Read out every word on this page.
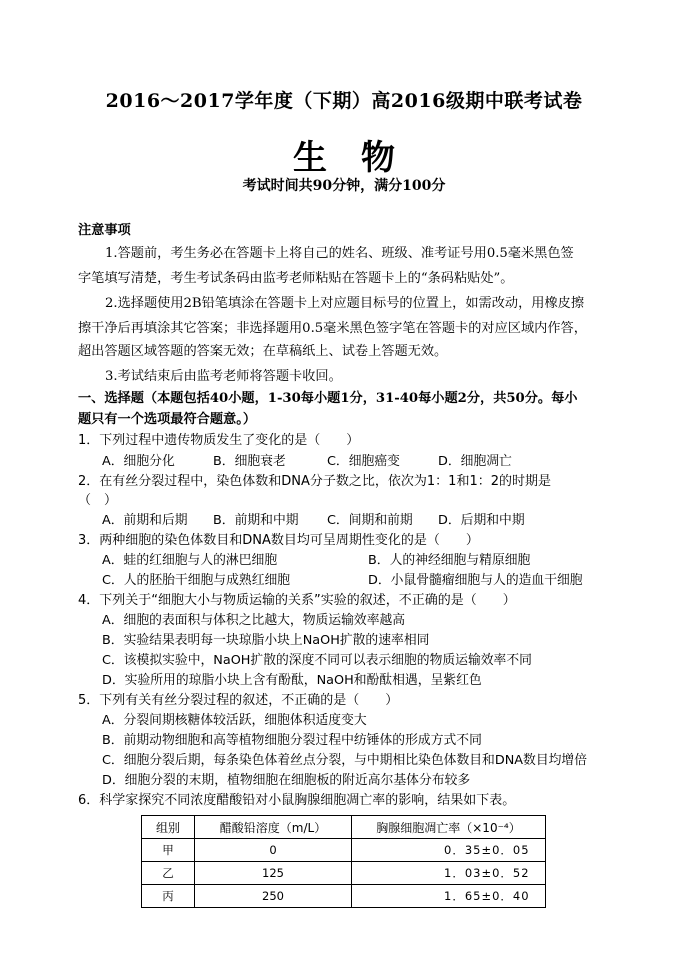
2016～2017学年度（下期）高2016级期中联考试卷
生物
考试时间共90分钟，满分100分
注意事项
1.答题前，考生务必在答题卡上将自己的姓名、班级、准考证号用0.5毫米黑色签
字笔填写清楚，考生考试条码由监考老师粘贴在答题卡上的“条码粘贴处”。
2.选择题使用2B铅笔填涂在答题卡上对应题目标号的位置上，如需改动，用橡皮擦
擦干净后再填涂其它答案；非选择题用0.5毫米黑色签字笔在答题卡的对应区域内作答，
超出答题区域答题的答案无效；在草稿纸上、试卷上答题无效。
3.考试结束后由监考老师将答题卡收回。
一、选择题（本题包括40小题，1-30每小题1分，31-40每小题2分，共50分。每小
题只有一个选项最符合题意。）
1．下列过程中遗传物质发生了变化的是（　　）
A．细胞分化	B．细胞衰老	C．细胞癌变	D．细胞凋亡
2．在有丝分裂过程中，染色体数和DNA分子数之比，依次为1：1和1：2的时期是
（　）
A．前期和后期 B．前期和中期 C．间期和前期 D．后期和中期
3．两种细胞的染色体数目和DNA数目均可呈周期性变化的是（　　）
A．蛙的红细胞与人的淋巴细胞	B．人的神经细胞与精原细胞
C．人的胚胎干细胞与成熟红细胞	D．小鼠骨髓瘤细胞与人的造血干细胞
4．下列关于“细胞大小与物质运输的关系”实验的叙述，不正确的是（　　）
A．细胞的表面积与体积之比越大，物质运输效率越高
B．实验结果表明每一块琼脂小块上NaOH扩散的速率相同
C．该模拟实验中，NaOH扩散的深度不同可以表示细胞的物质运输效率不同
D．实验所用的琼脂小块上含有酚酞，NaOH和酚酞相遇，呈紫红色
5．下列有关有丝分裂过程的叙述，不正确的是（　　）
A．分裂间期核糖体较活跃，细胞体积适度变大
B．前期动物细胞和高等植物细胞分裂过程中纺锤体的形成方式不同
C．细胞分裂后期，每条染色体着丝点分裂，与中期相比染色体数目和DNA数目均增倍
D．细胞分裂的末期，植物细胞在细胞板的附近高尔基体分布较多
6．科学家探究不同浓度醋酸铅对小鼠胸腺细胞凋亡率的影响，结果如下表。
组别	醋酸铅溶度（m/L）	胸腺细胞凋亡率（×10⁻⁴）
甲	0	0．35±0．05
乙	125	1．03±0．52
丙	250	1．65±0．40
